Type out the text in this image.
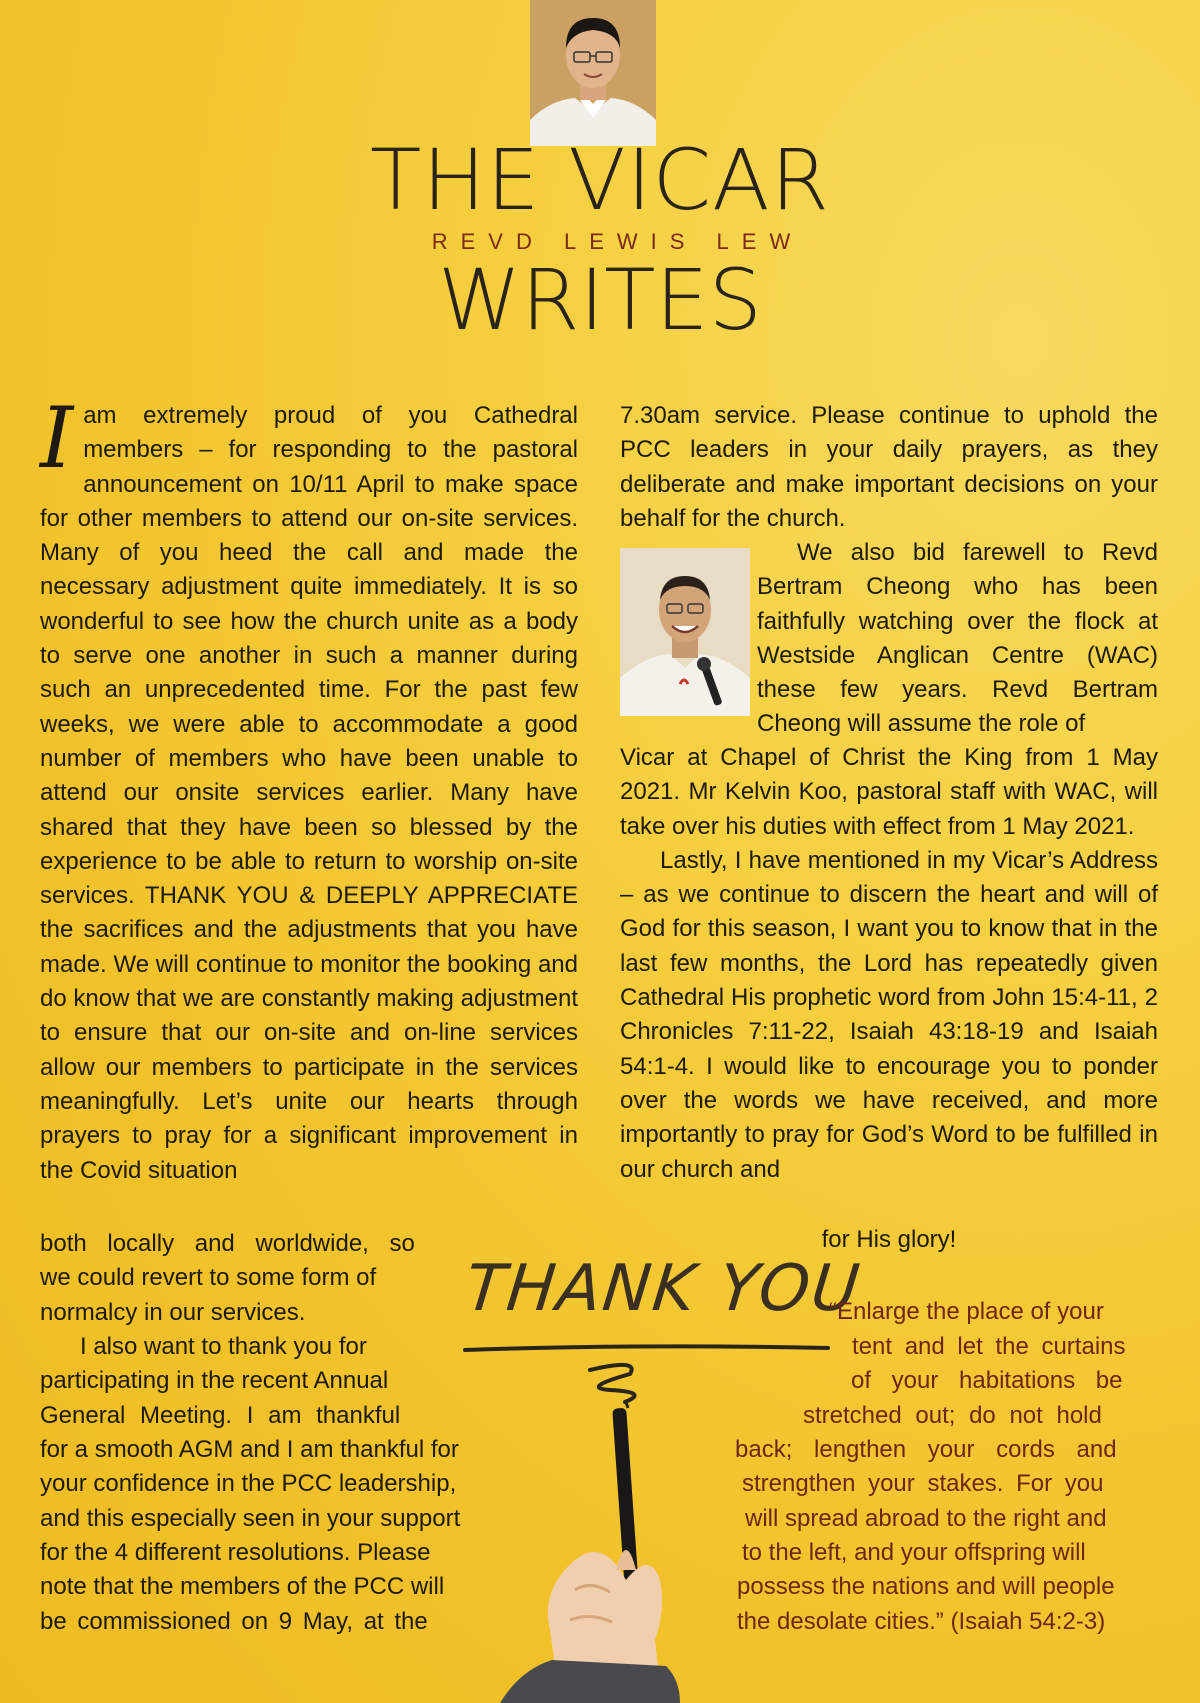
THE VICAR
REVD LEWIS LEW
WRITES
I am extremely proud of you Cathedral members – for responding to the pastoral announcement on 10/11 April to make space for other members to attend our on-site services. Many of you heed the call and made the necessary adjustment quite immediately. It is so wonderful to see how the church unite as a body to serve one another in such a manner during such an unprecedented time. For the past few weeks, we were able to accommodate a good number of members who have been unable to attend our onsite services earlier. Many have shared that they have been so blessed by the experience to be able to return to worship on-site services. THANK YOU & DEEPLY APPRECIATE the sacrifices and the adjustments that you have made. We will continue to monitor the booking and do know that we are constantly making adjustment to ensure that our on-site and on-line services allow our members to participate in the services meaningfully. Let’s unite our hearts through prayers to pray for a significant improvement in the Covid situation

both locally and worldwide, so
we could revert to some form of
normalcy in our services.
I also want to thank you for
participating in the recent Annual
General Meeting. I am thankful
for a smooth AGM and I am thankful for
your confidence in the PCC leadership,
and this especially seen in your support
for the 4 different resolutions. Please
note that the members of the PCC will
be commissioned on 9 May, at the

7.30am service. Please continue to uphold the PCC leaders in your daily prayers, as they deliberate and make important decisions on your behalf for the church.

We also bid farewell to Revd Bertram Cheong who has been faithfully watching over the flock at Westside Anglican Centre (WAC) these few years. Revd Bertram Cheong will assume the role of

Vicar at Chapel of Christ the King from 1 May 2021. Mr Kelvin Koo, pastoral staff with WAC, will take over his duties with effect from 1 May 2021.

Lastly, I have mentioned in my Vicar’s Address – as we continue to discern the heart and will of God for this season, I want you to know that in the last few months, the Lord has repeatedly given Cathedral His prophetic word from John 15:4-11, 2 Chronicles 7:11-22, Isaiah 43:18-19 and Isaiah 54:1-4. I would like to encourage you to ponder over the words we have received, and more importantly to pray for God’s Word to be fulfilled in our church and

for His glory!
THANK YOU
“Enlarge the place of your
tent and let the curtains
of your habitations be
stretched out; do not hold
back; lengthen your cords and
strengthen your stakes. For you
will spread abroad to the right and
to the left, and your offspring will
possess the nations and will people
the desolate cities.” (Isaiah 54:2-3)
